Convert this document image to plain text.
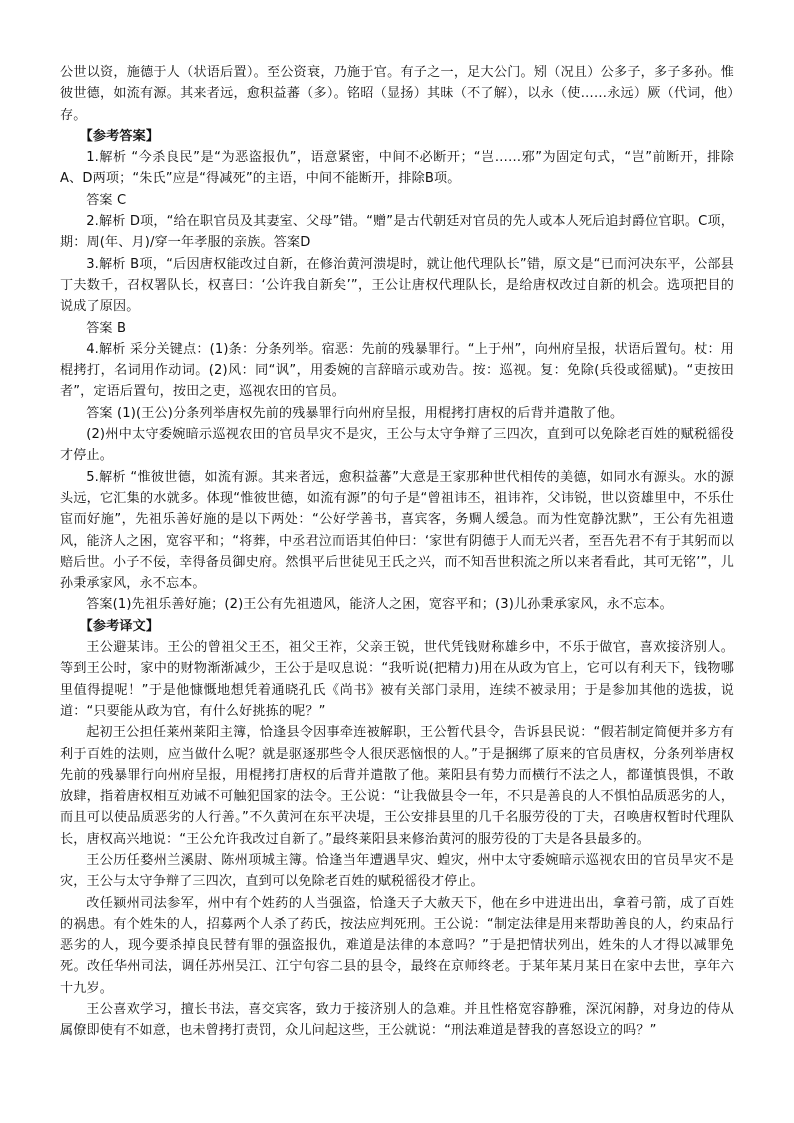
公世以资，施德于人（状语后置）。至公资衰，乃施于官。有子之一，足大公门。矧（况且）公多子，多子多孙。惟彼世德，如流有源。其来者远，愈积益蕃（多）。铭昭（显扬）其昧（不了解），以永（使……永远）厥（代词，他）存。

【参考答案】

1.解析 “今杀良民”是“为恶盗报仇”，语意紧密，中间不必断开；“岂……邪”为固定句式，“岂”前断开，排除A、D两项；“朱氏”应是“得减死”的主语，中间不能断开，排除B项。

答案 C

2.解析 D项，“给在职官员及其妻室、父母”错。“赠”是古代朝廷对官员的先人或本人死后追封爵位官职。C项，期：周(年、月)/穿一年孝服的亲族。答案D

3.解析 B项，“后因唐权能改过自新，在修治黄河溃堤时，就让他代理队长”错，原文是“已而河决东平，公部县丁夫数千，召权署队长，权喜曰：‘公许我自新矣’”，王公让唐权代理队长，是给唐权改过自新的机会。选项把目的说成了原因。

答案 B

4.解析 采分关键点：(1)条：分条列举。宿恶：先前的残暴罪行。“上于州”，向州府呈报，状语后置句。杖：用棍拷打，名词用作动词。(2)风：同“讽”，用委婉的言辞暗示或劝告。按：巡视。复：免除(兵役或徭赋)。“吏按田者”，定语后置句，按田之吏，巡视农田的官员。

答案 (1)(王公)分条列举唐权先前的残暴罪行向州府呈报，用棍拷打唐权的后背并遣散了他。

(2)州中太守委婉暗示巡视农田的官员旱灾不是灾，王公与太守争辩了三四次，直到可以免除老百姓的赋税徭役才停止。

5.解析 “惟彼世德，如流有源。其来者远，愈积益蕃”大意是王家那种世代相传的美德，如同水有源头。水的源头远，它汇集的水就多。体现“惟彼世德，如流有源”的句子是“曾祖讳丕，祖讳祚，父讳锐，世以资雄里中，不乐仕宦而好施”，先祖乐善好施的是以下两处：“公好学善书，喜宾客，务赒人缓急。而为性宽静沈默”，王公有先祖遗风，能济人之困，宽容平和；“将葬，中丞君泣而语其伯仲曰：‘家世有阴德于人而无兴者，至吾先君不有于其躬而以赔后世。小子不佞，幸得备员御史府。然惧平后世徒见王氏之兴，而不知吾世积流之所以来者看此，其可无铭’”，儿孙秉承家风，永不忘本。

答案(1)先祖乐善好施；(2)王公有先祖遗风，能济人之困，宽容平和；(3)儿孙秉承家风，永不忘本。

【参考译文】

王公避某讳。王公的曾祖父王丕，祖父王祚，父亲王锐，世代凭钱财称雄乡中，不乐于做官，喜欢接济别人。等到王公时，家中的财物渐渐减少，王公于是叹息说：“我听说(把精力)用在从政为官上，它可以有利天下，钱物哪里值得提呢！”于是他慷慨地想凭着通晓孔氏《尚书》被有关部门录用，连续不被录用；于是参加其他的选拔，说道：“只要能从政为官，有什么好挑拣的呢？”

起初王公担任莱州莱阳主簿，恰逢县令因事牵连被解职，王公暂代县令，告诉县民说：“假若制定简便并多方有利于百姓的法则，应当做什么呢？就是驱逐那些令人很厌恶恼恨的人。”于是捆绑了原来的官员唐权，分条列举唐权先前的残暴罪行向州府呈报，用棍拷打唐权的后背并遣散了他。莱阳县有势力而横行不法之人，都谨慎畏惧，不敢放肆，指着唐权相互劝诫不可触犯国家的法令。王公说：“让我做县令一年，不只是善良的人不惧怕品质恶劣的人，而且可以使品质恶劣的人行善。”不久黄河在东平决堤，王公安排县里的几千名服劳役的丁夫，召唤唐权暂时代理队长，唐权高兴地说：“王公允许我改过自新了。”最终莱阳县来修治黄河的服劳役的丁夫是各县最多的。

王公历任婺州兰溪尉、陈州项城主簿。恰逢当年遭遇旱灾、蝗灾，州中太守委婉暗示巡视农田的官员旱灾不是灾，王公与太守争辩了三四次，直到可以免除老百姓的赋税徭役才停止。

改任颍州司法参军，州中有个姓药的人当强盗，恰逢天子大赦天下，他在乡中进进出出，拿着弓箭，成了百姓的祸患。有个姓朱的人，招募两个人杀了药氏，按法应判死刑。王公说：“制定法律是用来帮助善良的人，约束品行恶劣的人，现今要杀掉良民替有罪的强盗报仇，难道是法律的本意吗？”于是把情状列出，姓朱的人才得以减罪免死。改任华州司法，调任苏州吴江、江宁句容二县的县令，最终在京师终老。于某年某月某日在家中去世，享年六十九岁。

王公喜欢学习，擅长书法，喜交宾客，致力于接济别人的急难。并且性格宽容静雅，深沉闲静，对身边的侍从属僚即使有不如意，也未曾拷打责罚，众儿问起这些，王公就说：“刑法难道是替我的喜怒设立的吗？”
